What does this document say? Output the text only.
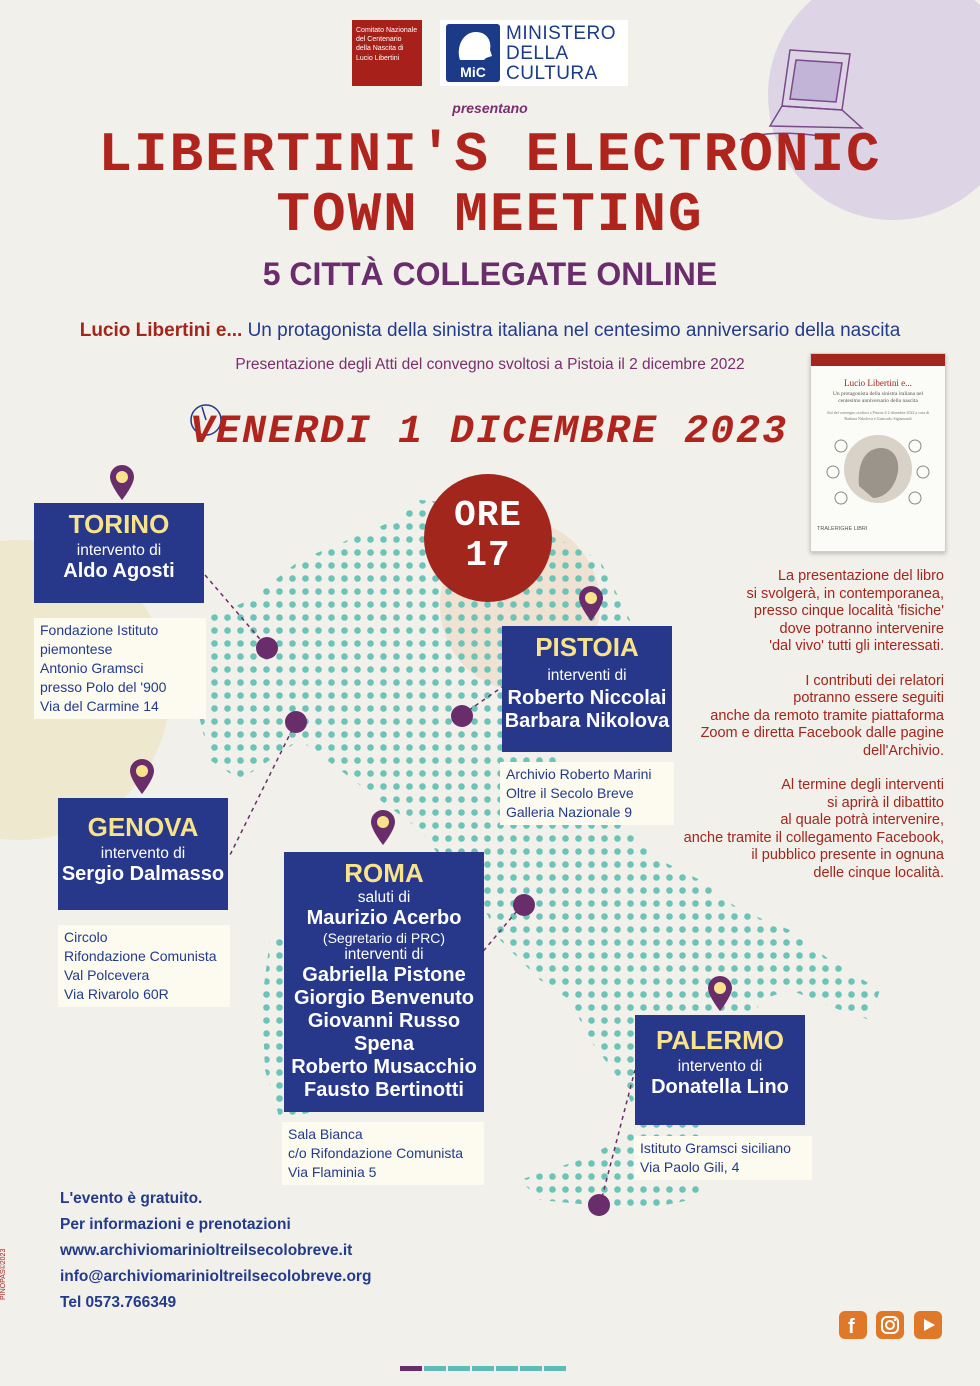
Comitato Nazionale del Centenario della Nascita di Lucio Libertini
MiC
MINISTERO
DELLA
CULTURA
presentano
LIBERTINI'S ELECTRONIC
TOWN MEETING
5 CITTÀ COLLEGATE ONLINE
Lucio Libertini e... Un protagonista della sinistra italiana nel centesimo anniversario della nascita
Presentazione degli Atti del convegno svoltosi a Pistoia il 2 dicembre 2022
VENERDI 1 DICEMBRE 2023
Lucio Libertini e...
Un protagonista della sinistra italiana nel centesimo anniversario della nascita
Atti del convegno svoltosi a Pistoia il 2 dicembre 2022 a cura di Barbara Nikolova e Giancarlo Sigismondi
TRALERIGHE LIBRI
ORE
17
TORINO
intervento di
Aldo Agosti
Fondazione Istituto
piemontese
Antonio Gramsci
presso Polo del '900
Via del Carmine 14
PISTOIA
interventi di
Roberto Niccolai
Barbara Nikolova
Archivio Roberto Marini
Oltre il Secolo Breve
Galleria Nazionale 9
GENOVA
intervento di
Sergio Dalmasso
Circolo
Rifondazione Comunista
Val Polcevera
Via Rivarolo 60R
ROMA
saluti di
Maurizio Acerbo
(Segretario di PRC)
interventi di
Gabriella Pistone
Giorgio Benvenuto
Giovanni Russo Spena
Roberto Musacchio
Fausto Bertinotti
Sala Bianca
c/o Rifondazione Comunista
Via Flaminia 5
PALERMO
intervento di
Donatella Lino
Istituto Gramsci siciliano
Via Paolo Gili, 4

La presentazione del libro
si svolgerà, in contemporanea,
presso cinque località 'fisiche'
dove potranno intervenire
'dal vivo' tutti gli interessati.

I contributi dei relatori
potranno essere seguiti
anche da remoto tramite piattaforma
Zoom e diretta Facebook dalle pagine
dell'Archivio.

Al termine degli interventi
si aprirà il dibattito
al quale potrà intervenire,
anche tramite il collegamento Facebook,
il pubblico presente in ognuna
delle cinque località.

L'evento è gratuito.
Per informazioni e prenotazioni
www.archiviomarinioltreilsecolobreve.it
info@archiviomarinioltreilsecolobreve.org
Tel 0573.766349
PINOPAS©2023
f
